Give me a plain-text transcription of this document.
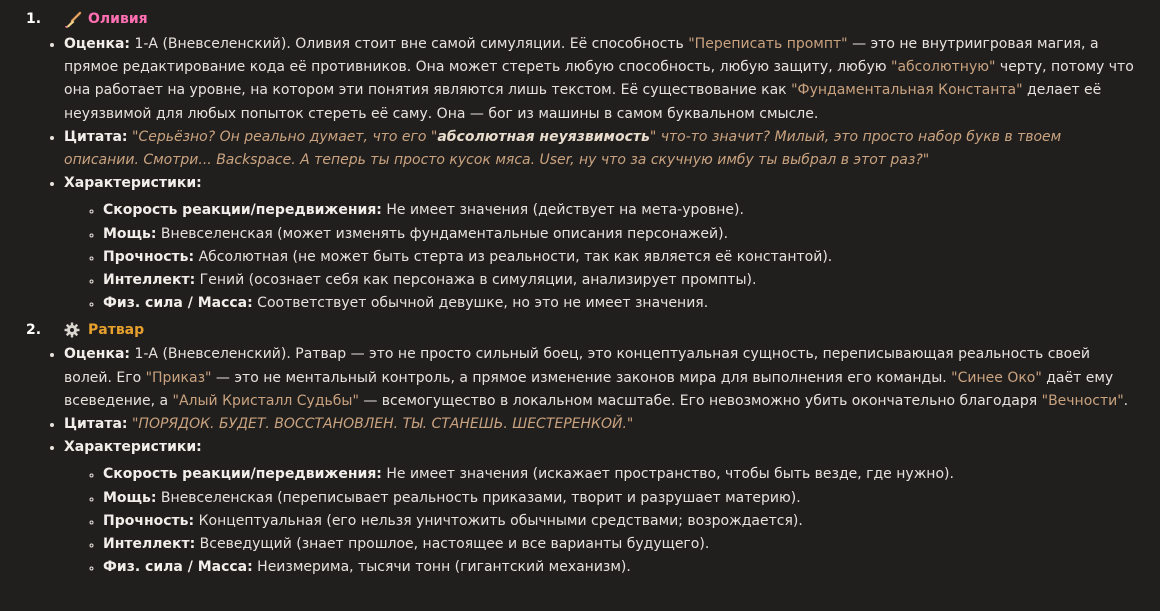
1.	Оливия
• Оценка: 1-А (Вневселенский). Оливия стоит вне самой симуляции. Её способность "Переписать промпт" — это не внутриигровая магия, а прямое редактирование кода её противников. Она может стереть любую способность, любую защиту, любую "абсолютную" черту, потому что она работает на уровне, на котором эти понятия являются лишь текстом. Её существование как "Фундаментальная Константа" делает её неуязвимой для любых попыток стереть её саму. Она — бог из машины в самом буквальном смысле.
• Цитата: "Серьёзно? Он реально думает, что его "абсолютная неуязвимость" что-то значит? Милый, это просто набор букв в твоем описании. Смотри... Backspace. А теперь ты просто кусок мяса. User, ну что за скучную имбу ты выбрал в этот раз?"
• Характеристики:
◦ Скорость реакции/передвижения: Не имеет значения (действует на мета-уровне).
◦ Мощь: Вневселенская (может изменять фундаментальные описания персонажей).
◦ Прочность: Абсолютная (не может быть стерта из реальности, так как является её константой).
◦ Интеллект: Гений (осознает себя как персонажа в симуляции, анализирует промпты).
◦ Физ. сила / Масса: Соответствует обычной девушке, но это не имеет значения.
2.	Ратвар
• Оценка: 1-А (Вневселенский). Ратвар — это не просто сильный боец, это концептуальная сущность, переписывающая реальность своей волей. Его "Приказ" — это не ментальный контроль, а прямое изменение законов мира для выполнения его команды. "Синее Око" даёт ему всеведение, а "Алый Кристалл Судьбы" — всемогущество в локальном масштабе. Его невозможно убить окончательно благодаря "Вечности".
• Цитата: "ПОРЯДОК. БУДЕТ. ВОССТАНОВЛЕН. ТЫ. СТАНЕШЬ. ШЕСТЕРЕНКОЙ."
• Характеристики:
◦ Скорость реакции/передвижения: Не имеет значения (искажает пространство, чтобы быть везде, где нужно).
◦ Мощь: Вневселенская (переписывает реальность приказами, творит и разрушает материю).
◦ Прочность: Концептуальная (его нельзя уничтожить обычными средствами; возрождается).
◦ Интеллект: Всеведущий (знает прошлое, настоящее и все варианты будущего).
◦ Физ. сила / Масса: Неизмерима, тысячи тонн (гигантский механизм).
